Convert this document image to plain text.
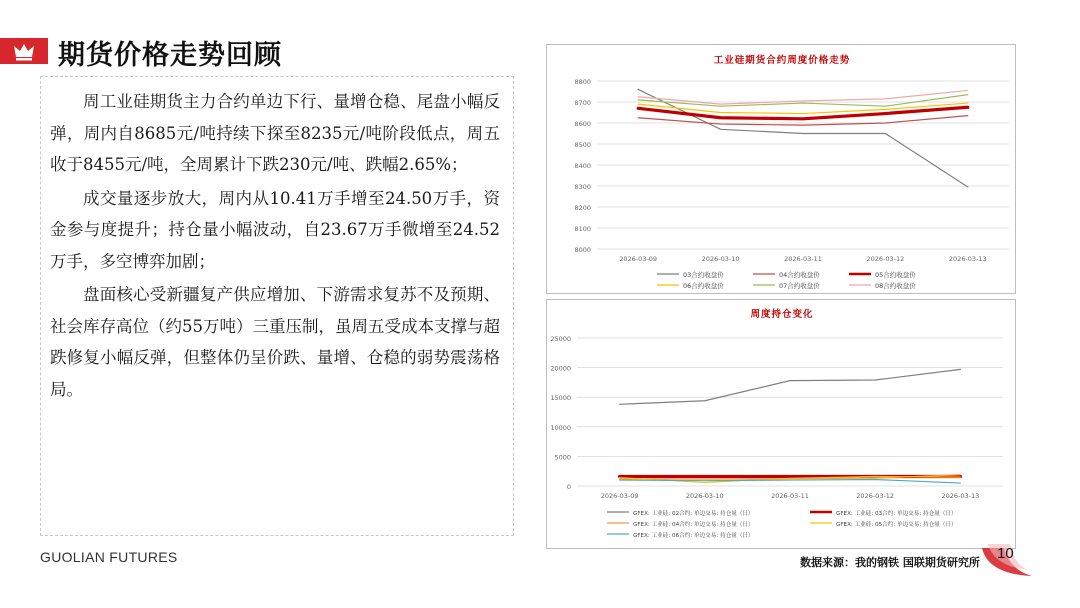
期货价格走势回顾

周工业硅期货主力合约单边下行、量增仓稳、尾盘小幅反弹，周内自8685元/吨持续下探至8235元/吨阶段低点，周五收于8455元/吨，全周累计下跌230元/吨、跌幅2.65%；

成交量逐步放大，周内从10.41万手增至24.50万手，资金参与度提升；持仓量小幅波动，自23.67万手微增至24.52万手，多空博弈加剧；

盘面核心受新疆复产供应增加、下游需求复苏不及预期、社会库存高位（约55万吨）三重压制，虽周五受成本支撑与超跌修复小幅反弹，但整体仍呈价跌、量增、仓稳的弱势震荡格局。

工业硅期货合约周度价格走势
8000
8100
8200
8300
8400
8500
8600
8700
8800
2026-03-09	2026-03-10	2026-03-11	2026-03-12	2026-03-13
03合约收盘价	04合约收盘价	05合约收盘价
06合约收盘价	07合约收盘价	08合约收盘价
周度持仓变化
0
5000
10000
15000
20000
25000
2026-03-09	2026-03-10	2026-03-11	2026-03-12	2026-03-13
GFEX: 工业硅: 02合约: 单边交易: 持仓量（日）	GFEX: 工业硅: 03合约: 单边交易: 持仓量（日）
GFEX: 工业硅: 04合约: 单边交易: 持仓量（日）	GFEX: 工业硅: 05合约: 单边交易: 持仓量（日）
GFEX: 工业硅: 06合约: 单边交易: 持仓量（日）
GUOLIAN FUTURES	数据来源：我的钢铁 国联期货研究所
10
